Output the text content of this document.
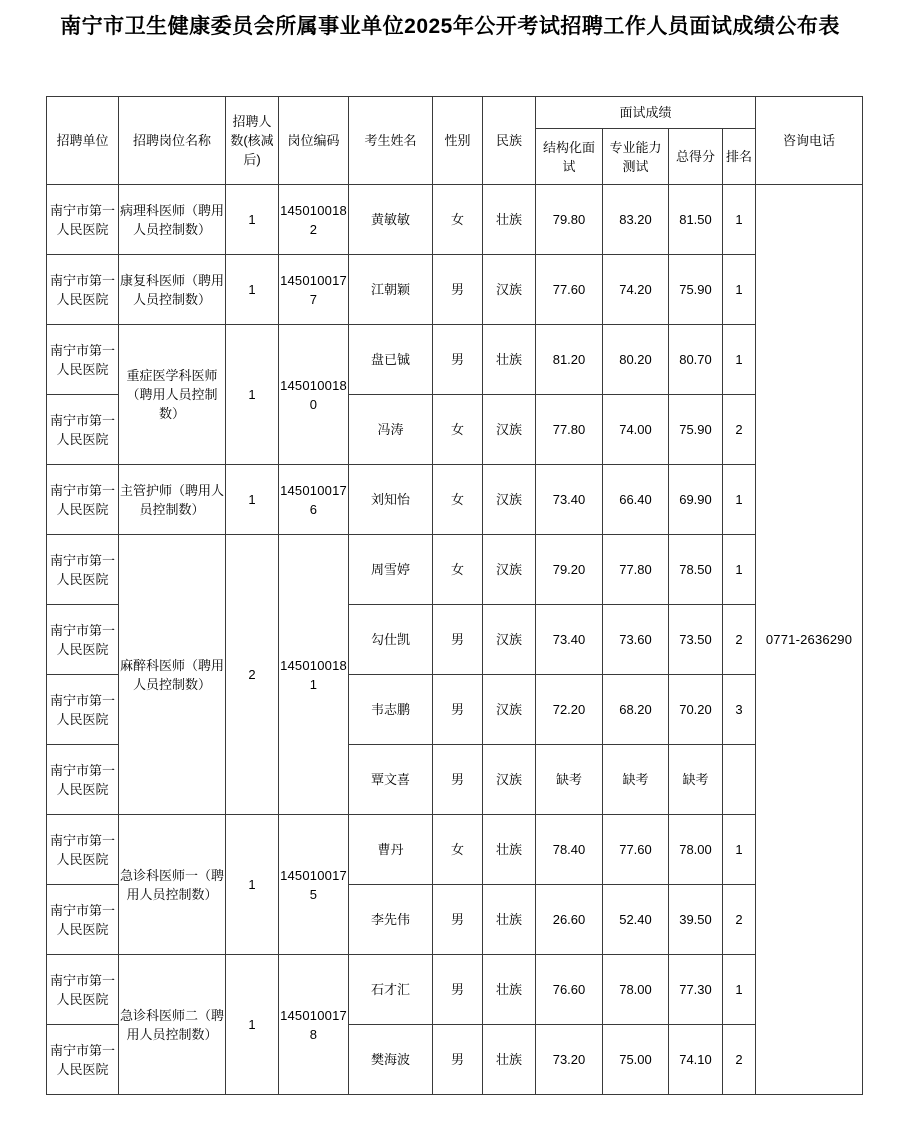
南宁市卫生健康委员会所属事业单位2025年公开考试招聘工作人员面试成绩公布表
招聘单位	招聘岗位名称	招聘人数(核减后)	岗位编码	考生姓名	性别	民族	面试成绩				咨询电话
							结构化面试	专业能力测试	总得分	排名	
南宁市第一人民医院	病理科医师（聘用人员控制数）	1	1450100182	黄敏敏	女	壮族	79.80	83.20	81.50	1	0771-2636290
南宁市第一人民医院	康复科医师（聘用人员控制数）	1	1450100177	江朝颖	男	汉族	77.60	74.20	75.90	1	
南宁市第一人民医院	重症医学科医师（聘用人员控制数）	1	1450100180	盘已铖	男	壮族	81.20	80.20	80.70	1	
南宁市第一人民医院				冯涛	女	汉族	77.80	74.00	75.90	2	
南宁市第一人民医院	主管护师（聘用人员控制数）	1	1450100176	刘知怡	女	汉族	73.40	66.40	69.90	1	
南宁市第一人民医院	麻醉科医师（聘用人员控制数）	2	1450100181	周雪婷	女	汉族	79.20	77.80	78.50	1	
南宁市第一人民医院				勾仕凯	男	汉族	73.40	73.60	73.50	2	
南宁市第一人民医院				韦志鹏	男	汉族	72.20	68.20	70.20	3	
南宁市第一人民医院				覃文喜	男	汉族	缺考	缺考	缺考		
南宁市第一人民医院	急诊科医师一（聘用人员控制数）	1	1450100175	曹丹	女	壮族	78.40	77.60	78.00	1	
南宁市第一人民医院				李先伟	男	壮族	26.60	52.40	39.50	2	
南宁市第一人民医院	急诊科医师二（聘用人员控制数）	1	1450100178	石才汇	男	壮族	76.60	78.00	77.30	1	
南宁市第一人民医院				樊海波	男	壮族	73.20	75.00	74.10	2	
